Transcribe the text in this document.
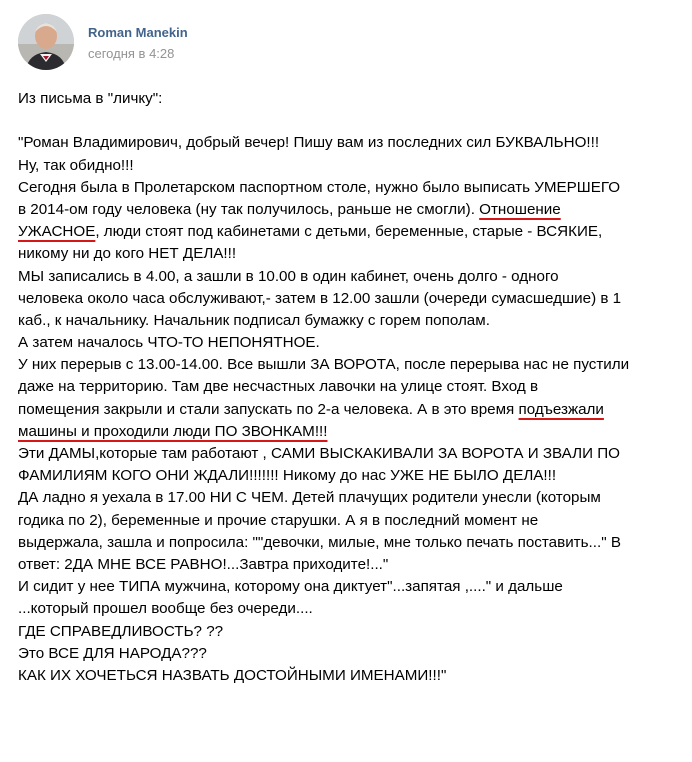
Roman Manekin
сегодня в 4:28
Из письма в "личку":
"Роман Владимирович, добрый вечер! Пишу вам из последних сил БУКВАЛЬНО!!!
Ну, так обидно!!!
Сегодня была в Пролетарском паспортном столе, нужно было выписать УМЕРШЕГО
в 2014-ом году человека (ну так получилось, раньше не смогли). Отношение
УЖАСНОЕ, люди стоят под кабинетами с детьми, беременные, старые - ВСЯКИЕ,
никому ни до кого НЕТ ДЕЛА!!!
МЫ записались в 4.00, а зашли в 10.00 в один кабинет, очень долго - одного
человека около часа обслуживают,- затем в 12.00 зашли (очереди сумасшедшие) в 1
каб., к начальнику. Начальник подписал бумажку с горем пополам.
А затем началось ЧТО-ТО НЕПОНЯТНОЕ.
У них перерыв с 13.00-14.00. Все вышли ЗА ВОРОТА, после перерыва нас не пустили
даже на территорию. Там две несчастных лавочки на улице стоят. Вход в
помещения закрыли и стали запускать по 2-а человека. А в это время подъезжали
машины и проходили люди ПО ЗВОНКАМ!!!
Эти ДАМЫ,которые там работают , САМИ ВЫСКАКИВАЛИ ЗА ВОРОТА И ЗВАЛИ ПО
ФАМИЛИЯМ КОГО ОНИ ЖДАЛИ!!!!!!! Никому до нас УЖЕ НЕ БЫЛО ДЕЛА!!!
ДА ладно я уехала в 17.00 НИ С ЧЕМ. Детей плачущих родители унесли (которым
годика по 2), беременные и прочие старушки. А я в последний момент не
выдержала, зашла и попросила: ""девочки, милые, мне только печать поставить..." В
ответ: 2ДА МНЕ ВСЕ РАВНО!...Завтра приходите!..."
И сидит у нее ТИПА мужчина, которому она диктует"...запятая ,...." и дальше
...который прошел вообще без очереди....
ГДЕ СПРАВЕДЛИВОСТЬ? ??
Это ВСЕ ДЛЯ НАРОДА???
КАК ИХ ХОЧЕТЬСЯ НАЗВАТЬ ДОСТОЙНЫМИ ИМЕНАМИ!!!"
